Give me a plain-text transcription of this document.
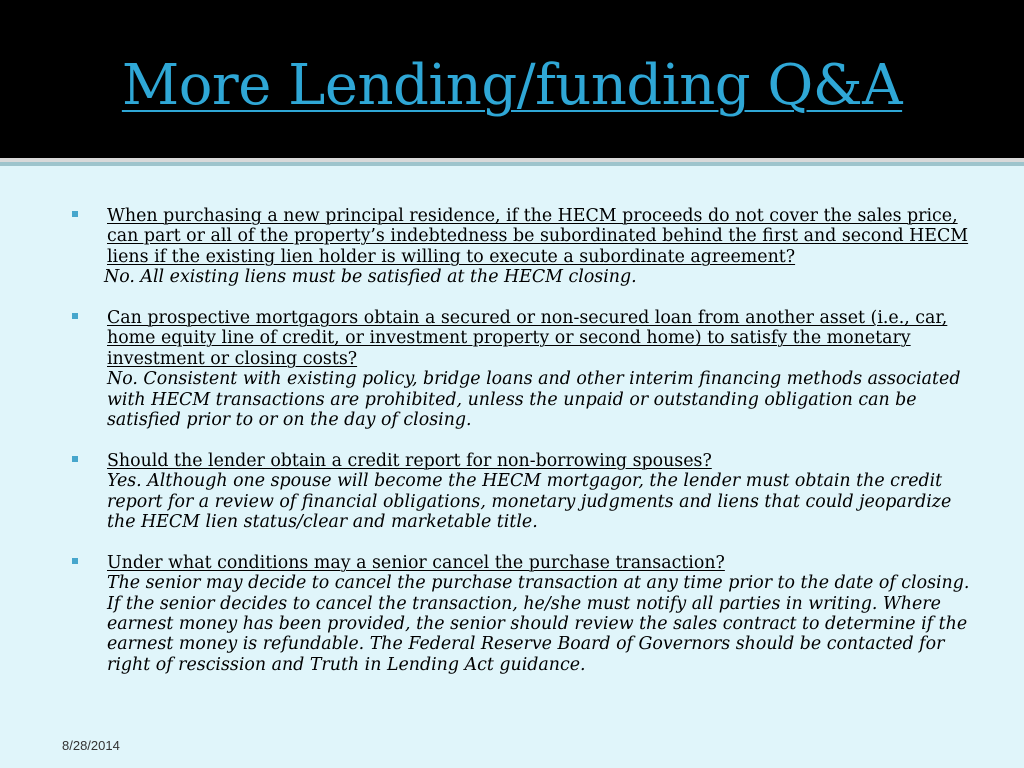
More Lending/funding Q&A
When purchasing a new principal residence, if the HECM proceeds do not cover the sales price, can part or all of the property’s indebtedness be subordinated behind the first and second HECM liens if the existing lien holder is willing to execute a subordinate agreement?
No. All existing liens must be satisfied at the HECM closing.
Can prospective mortgagors obtain a secured or non-secured loan from another asset (i.e., car, home equity line of credit, or investment property or second home) to satisfy the monetary investment or closing costs?
No. Consistent with existing policy, bridge loans and other interim financing methods associated with HECM transactions are prohibited, unless the unpaid or outstanding obligation can be satisfied prior to or on the day of closing.
Should the lender obtain a credit report for non-borrowing spouses?
Yes. Although one spouse will become the HECM mortgagor, the lender must obtain the credit report for a review of financial obligations, monetary judgments and liens that could jeopardize the HECM lien status/clear and marketable title.
Under what conditions may a senior cancel the purchase transaction?
The senior may decide to cancel the purchase transaction at any time prior to the date of closing. If the senior decides to cancel the transaction, he/she must notify all parties in writing. Where earnest money has been provided, the senior should review the sales contract to determine if the earnest money is refundable. The Federal Reserve Board of Governors should be contacted for right of rescission and Truth in Lending Act guidance.
8/28/2014
